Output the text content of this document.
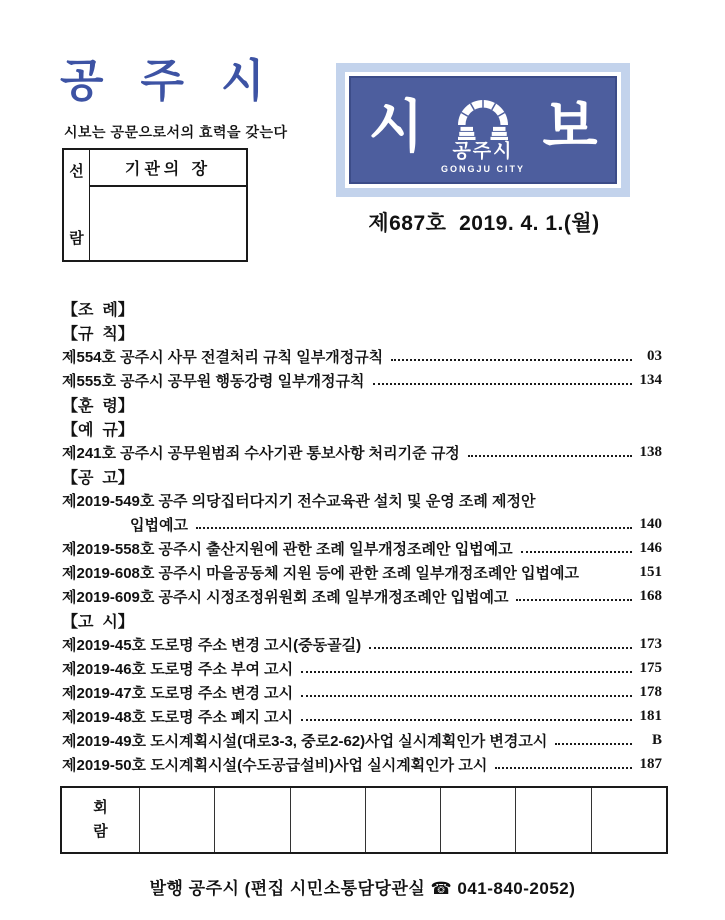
공  주  시
시보는 공문으로서의 효력을 갖는다
선
람
기관의 장
시 공주시
GONGJU CITY
보
제687호  2019. 4. 1.(월)
【조  례】
【규  칙】
제554호 공주시 사무 전결처리 규칙 일부개정규칙	03
제555호 공주시 공무원 행동강령 일부개정규칙	134
【훈  령】
【예  규】
제241호 공주시 공무원범죄 수사기관 통보사항 처리기준 규정	138
【공  고】
제2019-549호 공주 의당집터다지기 전수교육관 설치 및 운영 조례 제정안
입법예고	140
제2019-558호 공주시 출산지원에 관한 조례 일부개정조례안 입법예고	146
제2019-608호 공주시 마을공동체 지원 등에 관한 조례 일부개정조례안 입법예고	151
제2019-609호 공주시 시정조정위원회 조례 일부개정조례안 입법예고	168
【고  시】
제2019-45호 도로명 주소 변경 고시(중동골길)	173
제2019-46호 도로명 주소 부여 고시	175
제2019-47호 도로명 주소 변경 고시	178
제2019-48호 도로명 주소 폐지 고시	181
제2019-49호 도시계획시설(대로3-3, 중로2-62)사업 실시계획인가 변경고시	B
제2019-50호 도시계획시설(수도공급설비)사업 실시계획인가 고시	187
회
람
발행 공주시 (편집 시민소통담당관실 ☎ 041-840-2052)
